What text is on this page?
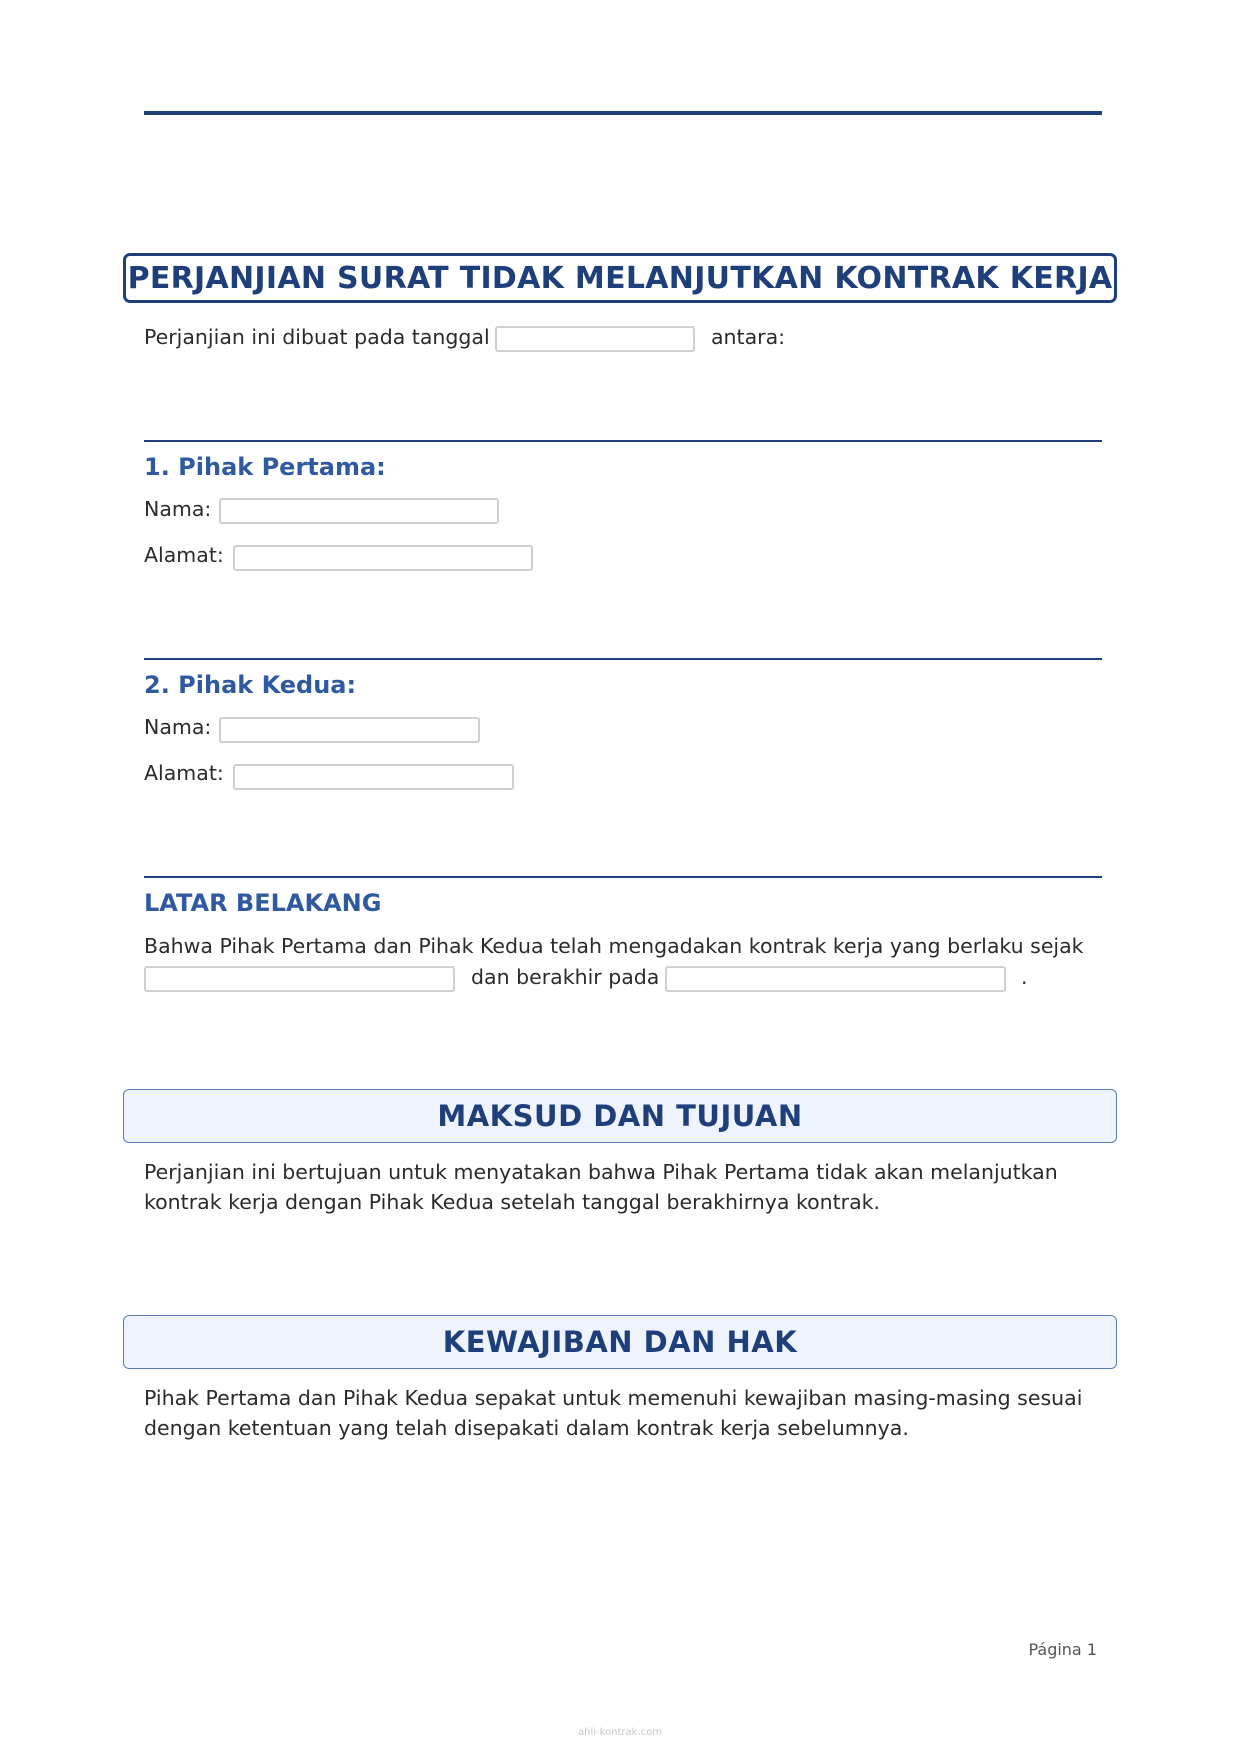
PERJANJIAN SURAT TIDAK MELANJUTKAN KONTRAK KERJA
Perjanjian ini dibuat pada tanggal	antara:
1. Pihak Pertama:
Nama:
Alamat:
2. Pihak Kedua:
Nama:
Alamat:
LATAR BELAKANG
Bahwa Pihak Pertama dan Pihak Kedua telah mengadakan kontrak kerja yang berlaku sejak
dan berakhir pada	.
MAKSUD DAN TUJUAN
Perjanjian ini bertujuan untuk menyatakan bahwa Pihak Pertama tidak akan melanjutkan
kontrak kerja dengan Pihak Kedua setelah tanggal berakhirnya kontrak.
KEWAJIBAN DAN HAK
Pihak Pertama dan Pihak Kedua sepakat untuk memenuhi kewajiban masing-masing sesuai
dengan ketentuan yang telah disepakati dalam kontrak kerja sebelumnya.
Página 1
ahli-kontrak.com
